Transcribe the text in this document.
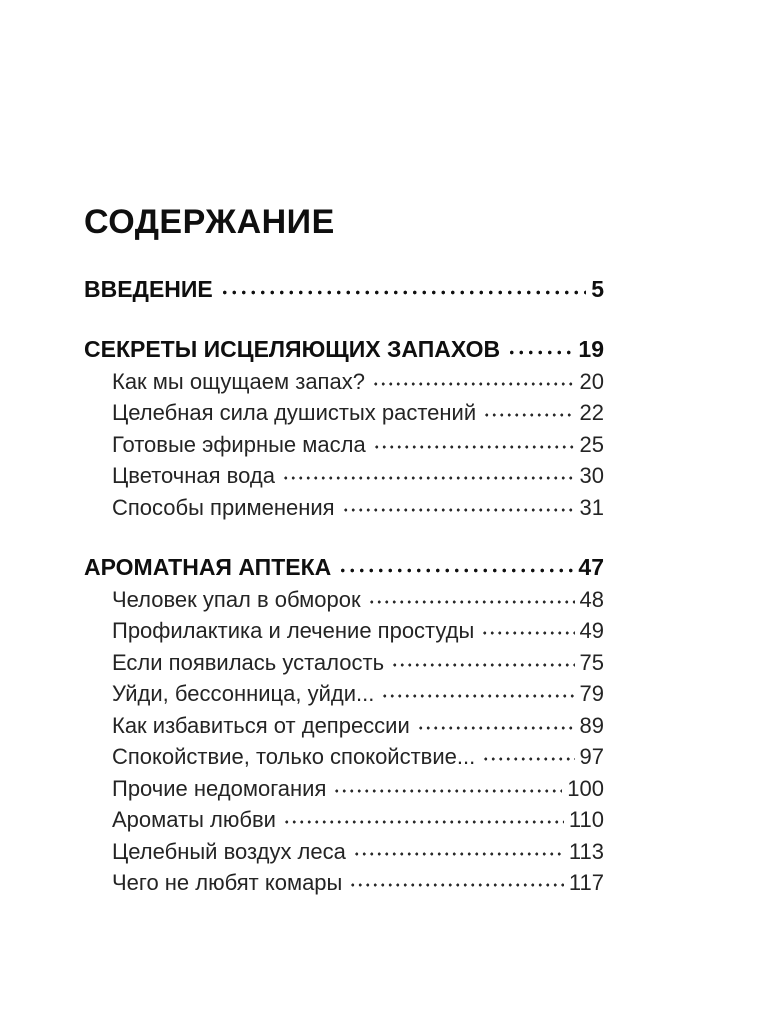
СОДЕРЖАНИЕ
ВВЕДЕНИЕ	5
СЕКРЕТЫ ИСЦЕЛЯЮЩИХ ЗАПАХОВ	19
Как мы ощущаем запах?	20
Целебная сила душистых растений	22
Готовые эфирные масла	25
Цветочная вода	30
Способы применения	31
АРОМАТНАЯ АПТЕКА	47
Человек упал в обморок	48
Профилактика и лечение простуды	49
Если появилась усталость	75
Уйди, бессонница, уйди...	79
Как избавиться от депрессии	89
Спокойствие, только спокойствие...	97
Прочие недомогания	100
Ароматы любви	110
Целебный воздух леса	113
Чего не любят комары	117
